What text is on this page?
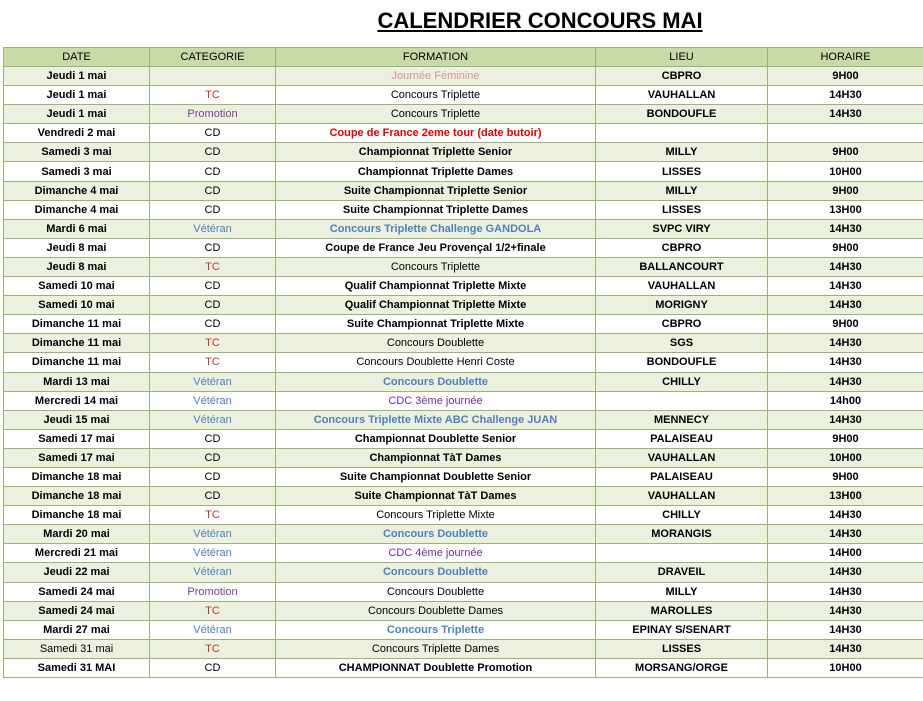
CALENDRIER CONCOURS MAI
DATE	CATEGORIE	FORMATION	LIEU	HORAIRE
Jeudi 1 mai		Journée Féminine	CBPRO	9H00
Jeudi 1 mai	TC	Concours Triplette	VAUHALLAN	14H30
Jeudi 1 mai	Promotion	Concours Triplette	BONDOUFLE	14H30
Vendredi 2 mai	CD	Coupe de France 2eme tour (date butoir)		
Samedi 3 mai	CD	Championnat Triplette Senior	MILLY	9H00
Samedi 3 mai	CD	Championnat Triplette Dames	LISSES	10H00
Dimanche 4 mai	CD	Suite Championnat Triplette Senior	MILLY	9H00
Dimanche 4 mai	CD	Suite Championnat Triplette Dames	LISSES	13H00
Mardi 6 mai	Vétéran	Concours Triplette Challenge GANDOLA	SVPC VIRY	14H30
Jeudi 8 mai	CD	Coupe de France Jeu Provençal 1/2+finale	CBPRO	9H00
Jeudi 8 mai	TC	Concours Triplette	BALLANCOURT	14H30
Samedi 10 mai	CD	Qualif Championnat Triplette Mixte	VAUHALLAN	14H30
Samedi 10 mai	CD	Qualif Championnat Triplette Mixte	MORIGNY	14H30
Dimanche 11 mai	CD	Suite Championnat Triplette Mixte	CBPRO	9H00
Dimanche 11 mai	TC	Concours Doublette	SGS	14H30
Dimanche 11 mai	TC	Concours Doublette Henri Coste	BONDOUFLE	14H30
Mardi 13 mai	Vétéran	Concours Doublette	CHILLY	14H30
Mercredi 14 mai	Vétéran	CDC 3ème journée		14h00
Jeudi 15 mai	Vétéran	Concours Triplette Mixte ABC Challenge JUAN	MENNECY	14H30
Samedi 17 mai	CD	Championnat Doublette Senior	PALAISEAU	9H00
Samedi 17 mai	CD	Championnat TàT Dames	VAUHALLAN	10H00
Dimanche 18 mai	CD	Suite Championnat Doublette Senior	PALAISEAU	9H00
Dimanche 18 mai	CD	Suite Championnat TàT Dames	VAUHALLAN	13H00
Dimanche 18 mai	TC	Concours Triplette Mixte	CHILLY	14H30
Mardi 20 mai	Vétéran	Concours Doublette	MORANGIS	14H30
Mercredi 21 mai	Vétéran	CDC 4ème journée		14H00
Jeudi 22 mai	Vétéran	Concours Doublette	DRAVEIL	14H30
Samedi 24 mai	Promotion	Concours Doublette	MILLY	14H30
Samedi 24 mai	TC	Concours Doublette Dames	MAROLLES	14H30
Mardi 27 mai	Vétéran	Concours Triplette	EPINAY S/SENART	14H30
Samedi 31 mai	TC	Concours Triplette Dames	LISSES	14H30
Samedi 31 MAI	CD	CHAMPIONNAT Doublette Promotion	MORSANG/ORGE	10H00
